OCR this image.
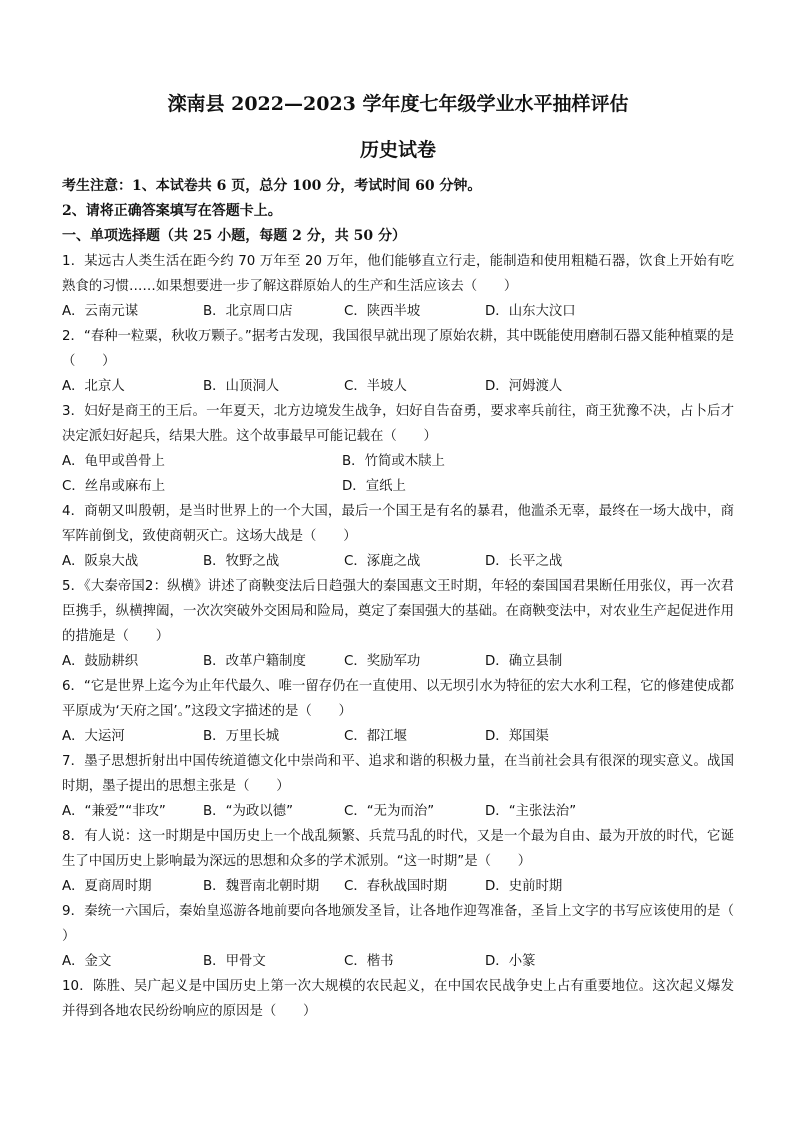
滦南县 2022—2023 学年度七年级学业水平抽样评估
历史试卷
考生注意：1、本试卷共 6 页，总分 100 分，考试时间 60 分钟。
2、请将正确答案填写在答题卡上。
一、单项选择题（共 25 小题，每题 2 分，共 50 分）
1．某远古人类生活在距今约 70 万年至 20 万年，他们能够直立行走，能制造和使用粗糙石器，饮食上开始有吃熟食的习惯……如果想要进一步了解这群原始人的生产和生活应该去（　　）
A．云南元谋	B．北京周口店	C．陕西半坡	D．山东大汶口
2．“春种一粒粟，秋收万颗子。”据考古发现，我国很早就出现了原始农耕，其中既能使用磨制石器又能种植粟的是（　　）
A．北京人	B．山顶洞人	C．半坡人	D．河姆渡人
3．妇好是商王的王后。一年夏天，北方边境发生战争，妇好自告奋勇，要求率兵前往，商王犹豫不决，占卜后才决定派妇好起兵，结果大胜。这个故事最早可能记载在（　　）
A．龟甲或兽骨上	B．竹简或木牍上
C．丝帛或麻布上	D．宣纸上
4．商朝又叫殷朝，是当时世界上的一个大国，最后一个国王是有名的暴君，他滥杀无辜，最终在一场大战中，商军阵前倒戈，致使商朝灭亡。这场大战是（　　）
A．阪泉大战	B．牧野之战	C．涿鹿之战	D．长平之战
5．《大秦帝国2：纵横》讲述了商鞅变法后日趋强大的秦国惠文王时期，年轻的秦国国君果断任用张仪，再一次君臣携手，纵横捭阖，一次次突破外交困局和险局，奠定了秦国强大的基础。在商鞅变法中，对农业生产起促进作用的措施是（　　）
A．鼓励耕织	B．改革户籍制度	C．奖励军功	D．确立县制
6．“它是世界上迄今为止年代最久、唯一留存仍在一直使用、以无坝引水为特征的宏大水利工程，它的修建使成都平原成为‘天府之国’。”这段文字描述的是（　　）
A．大运河	B．万里长城	C．都江堰	D．郑国渠
7．墨子思想折射出中国传统道德文化中崇尚和平、追求和谐的积极力量，在当前社会具有很深的现实意义。战国时期，墨子提出的思想主张是（　　）
A．“兼爱”“非攻”	B．“为政以德”	C．“无为而治”	D．“主张法治”
8．有人说：这一时期是中国历史上一个战乱频繁、兵荒马乱的时代，又是一个最为自由、最为开放的时代，它诞生了中国历史上影响最为深远的思想和众多的学术派别。“这一时期”是（　　）
A．夏商周时期	B．魏晋南北朝时期	C．春秋战国时期	D．史前时期
9．秦统一六国后，秦始皇巡游各地前要向各地颁发圣旨，让各地作迎驾准备，圣旨上文字的书写应该使用的是（　　）
A．金文	B．甲骨文	C．楷书	D．小篆
10．陈胜、吴广起义是中国历史上第一次大规模的农民起义，在中国农民战争史上占有重要地位。这次起义爆发并得到各地农民纷纷响应的原因是（　　）
